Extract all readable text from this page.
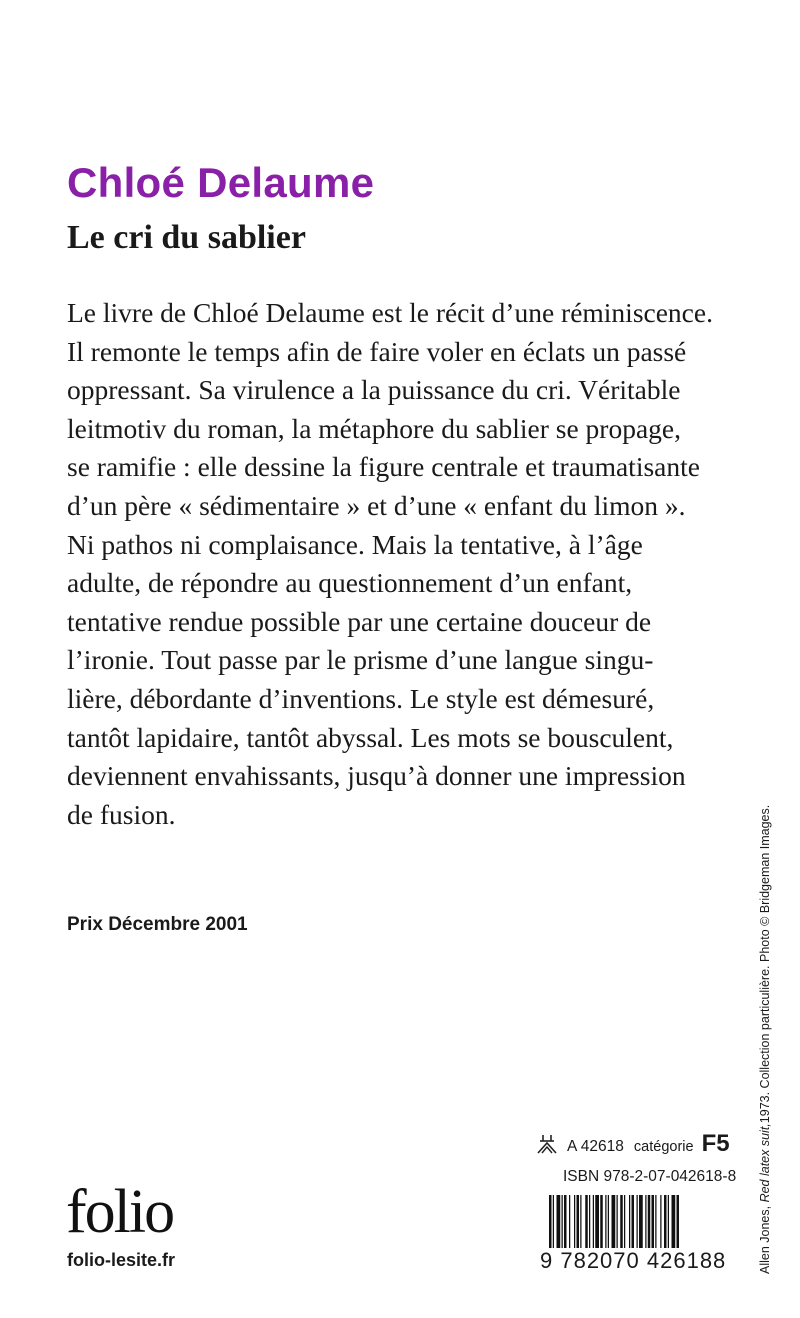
Chloé Delaume
Le cri du sablier
Le livre de Chloé Delaume est le récit d’une réminiscence.
Il remonte le temps afin de faire voler en éclats un passé
oppressant. Sa virulence a la puissance du cri. Véritable
leitmotiv du roman, la métaphore du sablier se propage,
se ramifie : elle dessine la figure centrale et traumatisante
d’un père « sédimentaire » et d’une « enfant du limon ».
Ni pathos ni complaisance. Mais la tentative, à l’âge
adulte, de répondre au questionnement d’un enfant,
tentative rendue possible par une certaine douceur de
l’ironie. Tout passe par le prisme d’une langue singu-
lière, débordante d’inventions. Le style est démesuré,
tantôt lapidaire, tantôt abyssal. Les mots se bousculent,
deviennent envahissants, jusqu’à donner une impression
de fusion.

Prix Décembre 2001

A 42618 catégorie F5
ISBN 978-2-07-042618-8
folio
folio-lesite.fr	9 782070 426188	Allen Jones, Red latex suit,1973. Collection particulière. Photo © Bridgeman Images.
